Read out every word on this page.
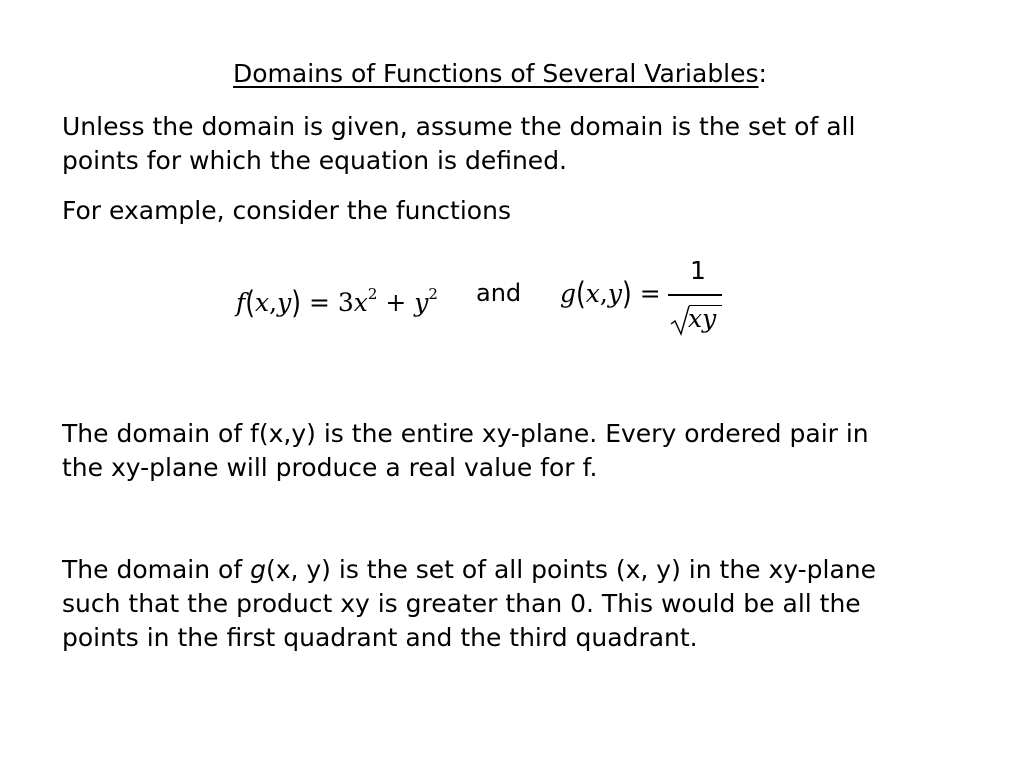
Domains of Functions of Several Variables:

Unless the domain is given, assume the domain is the set of all
points for which the equation is defined.

For example, consider the functions

$f(x,y) = 3x^2 + y^2$ and g(x,y) =
1
xy

The domain of f(x,y) is the entire xy-plane. Every ordered pair in
the xy-plane will produce a real value for f.

The domain of g(x, y) is the set of all points (x, y) in the xy-plane
such that the product xy is greater than 0. This would be all the
points in the first quadrant and the third quadrant.
